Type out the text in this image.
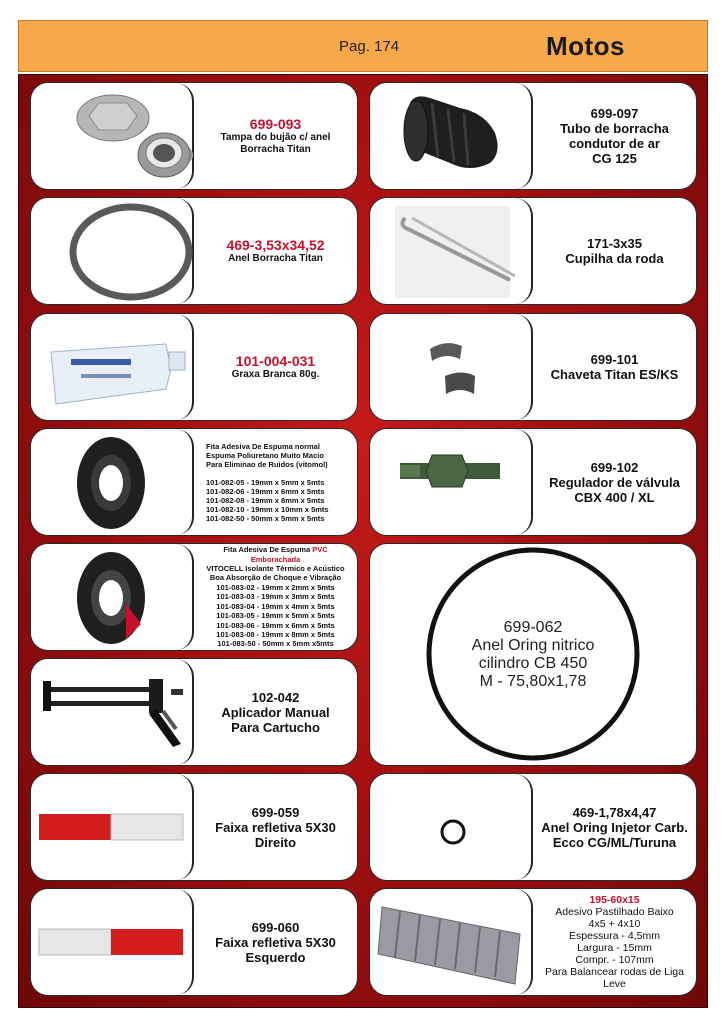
Pag. 174	Motos
699-093
Tampa do bujão c/ anel
Borracha Titan
699-097
Tubo de borracha
condutor de ar
CG 125
469-3,53x34,52
Anel Borracha Titan
171-3x35
Cupilha da roda
101-004-031
Graxa Branca 80g.
699-101
Chaveta Titan ES/KS
Fita Adesiva De Espuma normal
Espuma Poliuretano Muito Macio
Para Eliminao de Ruidos (vitomol)
101-082-05 - 19mm x 5mm x 5mts
101-082-06 - 19mm x 6mm x 5mts
101-082-08 - 19mm x 8mm x 5mts
101-082-10 - 19mm x 10mm x 5mts
101-082-50 - 50mm x 5mm x 5mts
699-102
Regulador de válvula
CBX 400 / XL
Fita Adesiva De Espuma PVC Emborachada
VITOCELL Isolante Térmico e Acústico
Boa Absorção de Choque e Vibração
101-083-02 - 19mm x 2mm x 5mts
101-083-03 - 19mm x 3mm x 5mts
101-083-04 - 19mm x 4mm x 5mts
101-083-05 - 19mm x 5mm x 5mts
101-083-06 - 19mm x 6mm x 5mts
101-083-08 - 19mm x 8mm x 5mts
101-083-50 - 50mm x 5mm x5mts
699-062
Anel Oring nitrico
cilindro CB 450
M - 75,80x1,78
102-042
Aplicador Manual
Para Cartucho
699-059
Faixa refletiva 5X30
Direito
469-1,78x4,47
Anel Oring Injetor Carb.
Ecco CG/ML/Turuna
699-060
Faixa refletiva 5X30
Esquerdo
195-60x15
Adesivo Pastilhado Baixo
4x5 + 4x10
Espessura - 4,5mm
Largura - 15mm
Compr. - 107mm
Para Balancear rodas de Liga Leve
